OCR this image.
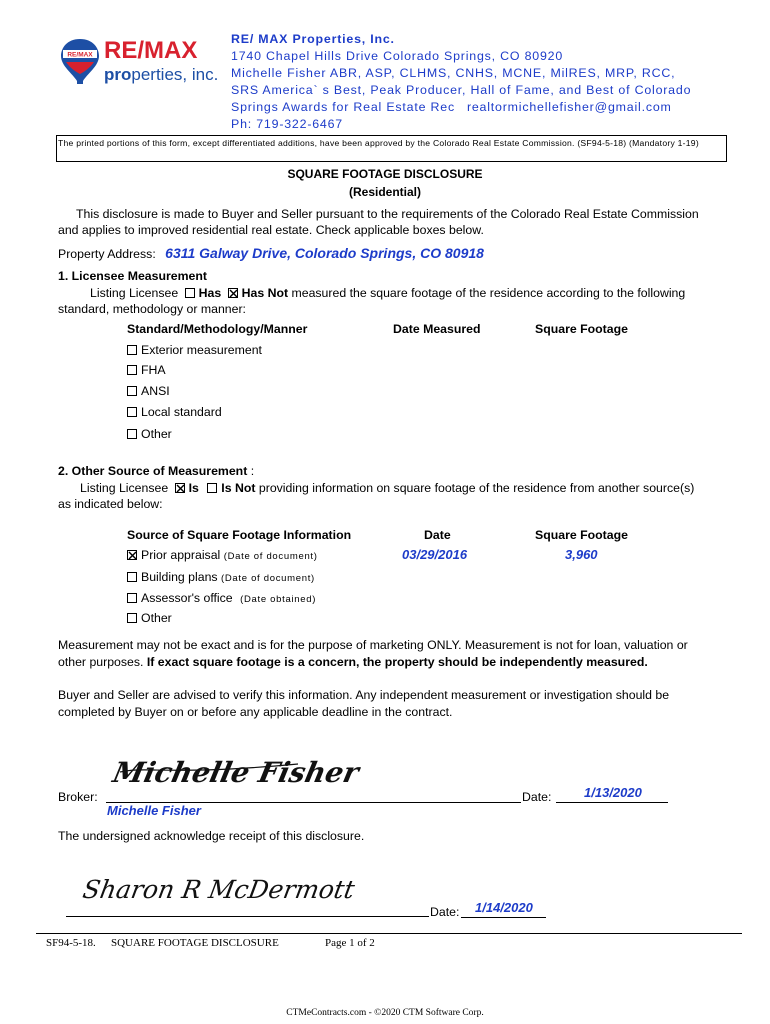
RE/MAX RE/MAX
properties, inc.
RE/ MAX Properties, Inc.
1740 Chapel Hills Drive Colorado Springs, CO 80920
Michelle Fisher ABR, ASP, CLHMS, CNHS, MCNE, MilRES, MRP, RCC,
SRS America` s Best, Peak Producer, Hall of Fame, and Best of Colorado
Springs Awards for Real Estate Rec realtormichellefisher@gmail.com
Ph: 719-322-6467
The printed portions of this form, except differentiated additions, have been approved by the Colorado Real Estate Commission. (SF94-5-18) (Mandatory 1-19)
SQUARE FOOTAGE DISCLOSURE
(Residential)
This disclosure is made to Buyer and Seller pursuant to the requirements of the Colorado Real Estate Commission
and applies to improved residential real estate. Check applicable boxes below.
Property Address: 6311 Galway Drive, Colorado Springs, CO 80918
1. Licensee Measurement
Listing Licensee Has Has Not measured the square footage of the residence according to the following
standard, methodology or manner:
Standard/Methodology/Manner	Date Measured	Square Footage
Exterior measurement
FHA
ANSI
Local standard
Other
2. Other Source of Measurement :
Listing Licensee Is Is Not providing information on square footage of the residence from another source(s)
as indicated below:
Source of Square Footage Information	Date	Square Footage
Prior appraisal (Date of document)	03/29/2016	3,960
Building plans (Date of document)
Assessor's office (Date obtained)
Other
Measurement may not be exact and is for the purpose of marketing ONLY. Measurement is not for loan, valuation or
other purposes. If exact square footage is a concern, the property should be independently measured.
Buyer and Seller are advised to verify this information. Any independent measurement or investigation should be
completed by Buyer on or before any applicable deadline in the contract.
Michelle Fisher
Broker:	Date:	1/13/2020
Michelle Fisher
The undersigned acknowledge receipt of this disclosure.
Sharon R McDermott
Date: 1/14/2020
SF94-5-18. SQUARE FOOTAGE DISCLOSURE	Page 1 of 2
CTMeContracts.com - ©2020 CTM Software Corp.
